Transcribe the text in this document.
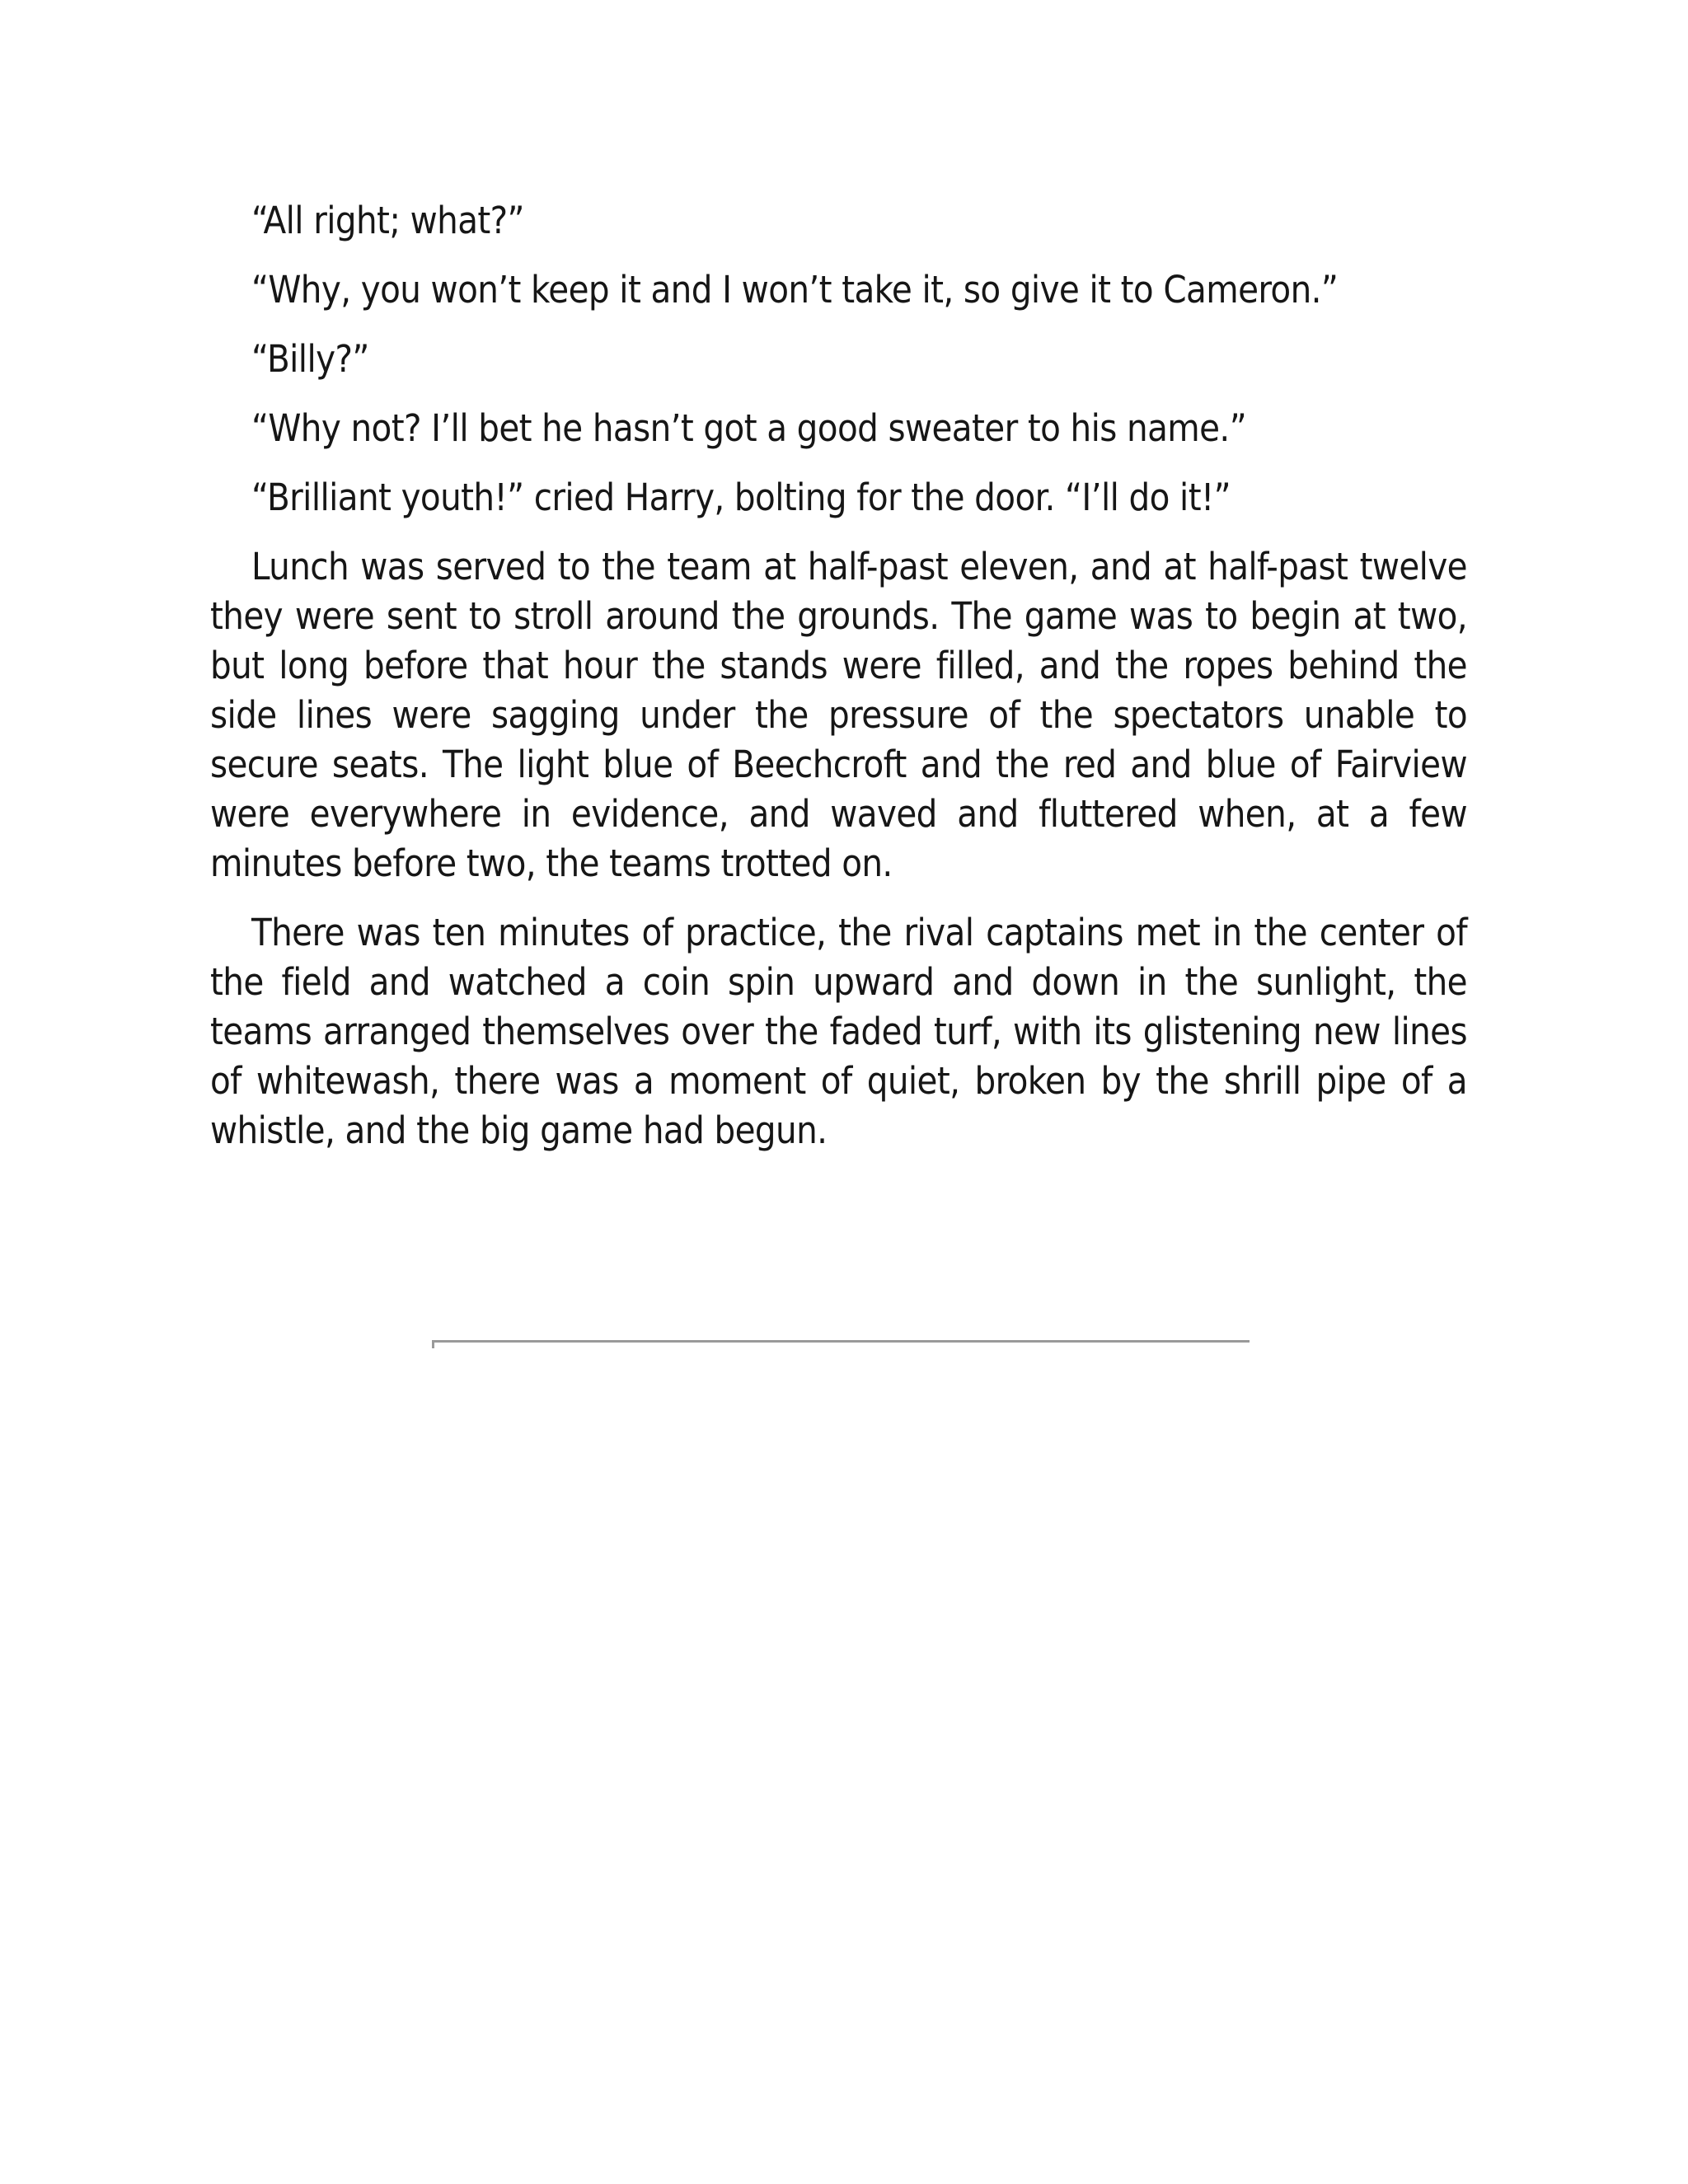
“All right; what?”

“Why, you won’t keep it and I won’t take it, so give it to Cameron.”

“Billy?”

“Why not? I’ll bet he hasn’t got a good sweater to his name.”

“Brilliant youth!” cried Harry, bolting for the door. “I’ll do it!”

Lunch was served to the team at half-past eleven, and at half-past twelve they were sent to stroll around the grounds. The game was to begin at two, but long before that hour the stands were filled, and the ropes behind the side lines were sagging under the pressure of the spectators unable to secure seats. The light blue of Beechcroft and the red and blue of Fairview were everywhere in evidence, and waved and fluttered when, at a few minutes before two, the teams trotted on.

There was ten minutes of practice, the rival captains met in the center of the field and watched a coin spin upward and down in the sunlight, the teams arranged themselves over the faded turf, with its glistening new lines of whitewash, there was a moment of quiet, broken by the shrill pipe of a whistle, and the big game had begun.
